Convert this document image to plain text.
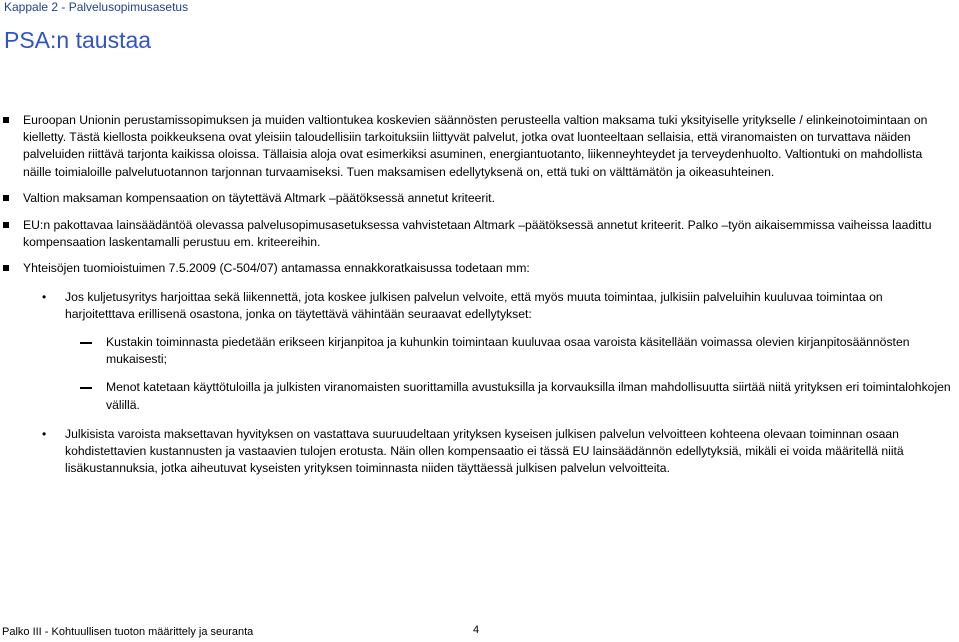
Kappale 2 - Palvelusopimusasetus
PSA:n taustaa
Euroopan Unionin perustamissopimuksen ja muiden valtiontukea koskevien säännösten perusteella valtion maksama tuki yksityiselle yritykselle / elinkeinotoimintaan on kielletty. Tästä kiellosta poikkeuksena ovat yleisiin taloudellisiin tarkoituksiin liittyvät palvelut, jotka ovat luonteeltaan sellaisia, että viranomaisten on turvattava näiden palveluiden riittävä tarjonta kaikissa oloissa. Tällaisia aloja ovat esimerkiksi asuminen, energiantuotanto, liikenneyhteydet ja terveydenhuolto. Valtiontuki on mahdollista näille toimialoille palvelutuotannon tarjonnan turvaamiseksi. Tuen maksamisen edellytyksenä on, että tuki on välttämätön ja oikeasuhteinen.
Valtion maksaman kompensaation on täytettävä Altmark –päätöksessä annetut kriteerit.
EU:n pakottavaa lainsäädäntöä olevassa palvelusopimusasetuksessa vahvistetaan Altmark –päätöksessä annetut kriteerit. Palko –työn aikaisemmissa vaiheissa laadittu kompensaation laskentamalli perustuu em. kriteereihin.
Yhteisöjen tuomioistuimen 7.5.2009 (C-504/07) antamassa ennakkoratkaisussa todetaan mm:
• Jos kuljetusyritys harjoittaa sekä liikennettä, jota koskee julkisen palvelun velvoite, että myös muuta toimintaa, julkisiin palveluihin kuuluvaa toimintaa on harjoitetttava erillisenä osastona, jonka on täytettävä vähintään seuraavat edellytykset:
Kustakin toiminnasta piedetään erikseen kirjanpitoa ja kuhunkin toimintaan kuuluvaa osaa varoista käsitellään voimassa olevien kirjanpitosäännösten mukaisesti;
Menot katetaan käyttötuloilla ja julkisten viranomaisten suorittamilla avustuksilla ja korvauksilla ilman mahdollisuutta siirtää niitä yrityksen eri toimintalohkojen välillä.
• Julkisista varoista maksettavan hyvityksen on vastattava suuruudeltaan yrityksen kyseisen julkisen palvelun velvoitteen kohteena olevaan toiminnan osaan kohdistettavien kustannusten ja vastaavien tulojen erotusta. Näin ollen kompensaatio ei tässä EU lainsäädännön edellytyksiä, mikäli ei voida määritellä niitä lisäkustannuksia, jotka aiheutuvat kyseisten yrityksen toiminnasta niiden täyttäessä julkisen palvelun velvoitteita.
Palko III - Kohtuullisen tuoton määrittely ja seuranta	4
